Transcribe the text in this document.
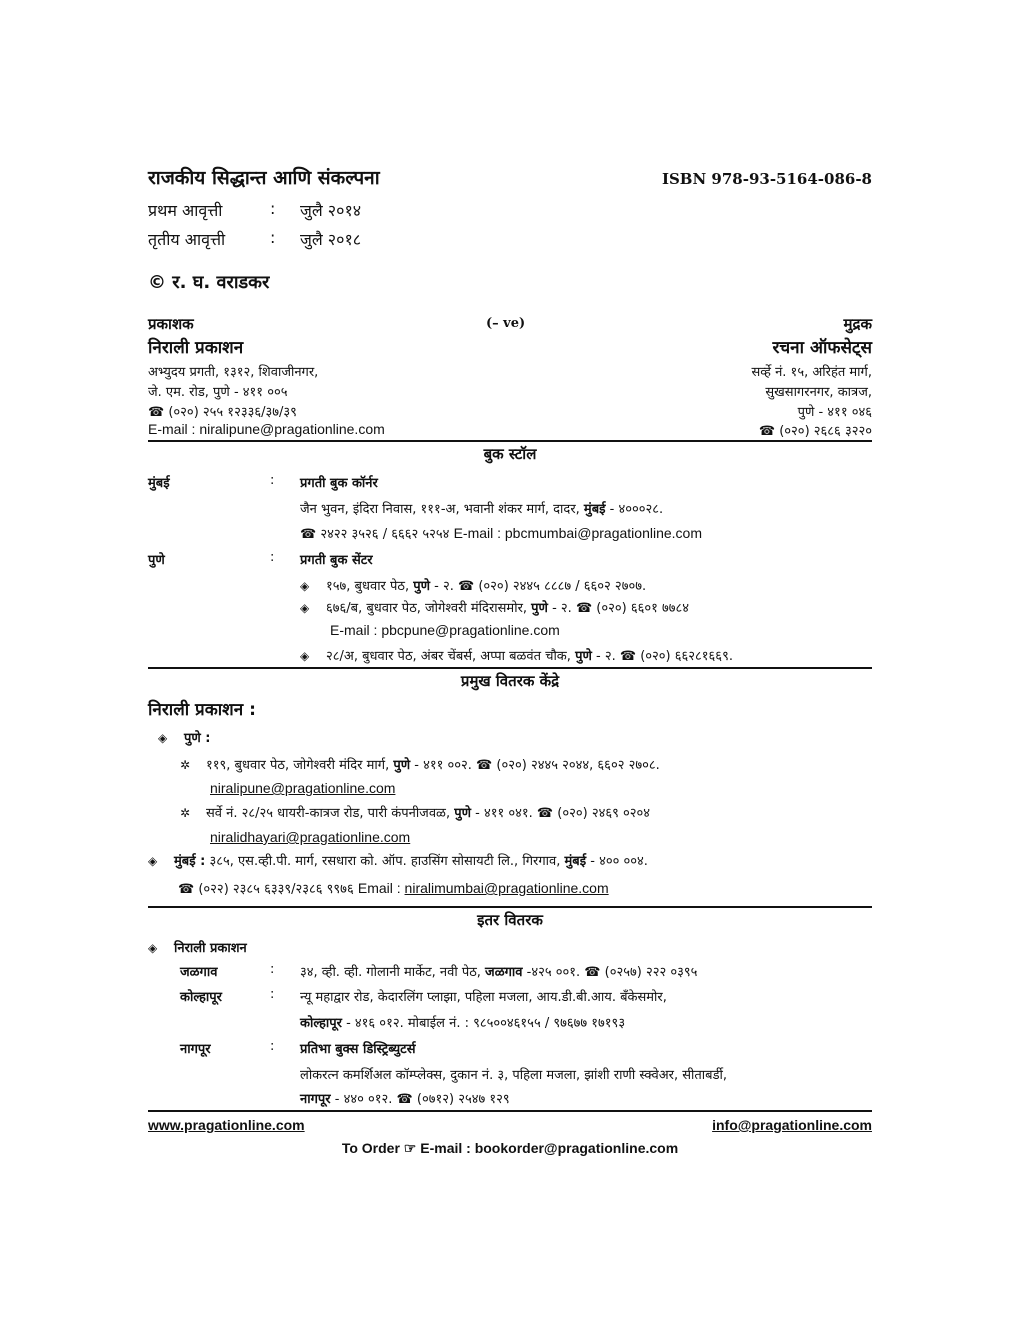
राजकीय सिद्धान्त आणि संकल्पना	ISBN 978-93-5164-086-8
प्रथम आवृत्ती	: जुलै २०१४
तृतीय आवृत्ती	: जुलै २०१८
© र. घ. वराडकर
प्रकाशक
निराली प्रकाशन
अभ्युदय प्रगती, १३१२, शिवाजीनगर,
जे. एम. रोड, पुणे - ४११ ००५
☎ (०२०) २५५ १२३३६/३७/३९
E-mail : niralipune@pragationline.com
(– ve)	मुद्रक
रचना ऑफसेट्स
सर्व्हे नं. १५, अरिहंत मार्ग,
सुखसागरनगर, कात्रज,
पुणे - ४११ ०४६
☎ (०२०) २६८६ ३२२०
बुक स्टॉल
मुंबई	: प्रगती बुक कॉर्नर
जैन भुवन, इंदिरा निवास, १११-अ, भवानी शंकर मार्ग, दादर, मुंबई - ४०००२८.
☎ २४२२ ३५२६ / ६६६२ ५२५४ E-mail : pbcmumbai@pragationline.com
पुणे	: प्रगती बुक सेंटर
◈ १५७, बुधवार पेठ, पुणे - २. ☎ (०२०) २४४५ ८८८७ / ६६०२ २७०७.
◈ ६७६/ब, बुधवार पेठ, जोगेश्वरी मंदिरासमोर, पुणे - २. ☎ (०२०) ६६०१ ७७८४
E-mail : pbcpune@pragationline.com
◈ २८/अ, बुधवार पेठ, अंबर चेंबर्स, अप्पा बळवंत चौक, पुणे - २. ☎ (०२०) ६६२८१६६९.
प्रमुख वितरक केंद्रे
निराली प्रकाशन :
◈ पुणे :
✲ ११९, बुधवार पेठ, जोगेश्वरी मंदिर मार्ग, पुणे - ४११ ००२. ☎ (०२०) २४४५ २०४४, ६६०२ २७०८.
niralipune@pragationline.com
✲ सर्वे नं. २८/२५ धायरी-कात्रज रोड, पारी कंपनीजवळ, पुणे - ४११ ०४१. ☎ (०२०) २४६९ ०२०४
niralidhayari@pragationline.com
◈ मुंबई : ३८५, एस.व्ही.पी. मार्ग, रसधारा को. ऑप. हाउसिंग सोसायटी लि., गिरगाव, मुंबई - ४०० ००४.
☎ (०२२) २३८५ ६३३९/२३८६ ९९७६ Email : niralimumbai@pragationline.com
इतर वितरक
◈ निराली प्रकाशन
जळगाव	: ३४, व्ही. व्ही. गोलानी मार्केट, नवी पेठ, जळगाव -४२५ ००१. ☎ (०२५७) २२२ ०३९५
कोल्हापूर	: न्यू महाद्वार रोड, केदारलिंग प्लाझा, पहिला मजला, आय.डी.बी.आय. बँकेसमोर,
कोल्हापूर - ४१६ ०१२. मोबाईल नं. : ९८५००४६१५५ / ९७६७७ १७१९३
नागपूर	: प्रतिभा बुक्स डिस्ट्रिब्युटर्स
लोकरत्न कमर्शिअल कॉम्प्लेक्स, दुकान नं. ३, पहिला मजला, झांशी राणी स्क्वेअर, सीताबर्डी,
नागपूर - ४४० ०१२. ☎ (०७१२) २५४७ १२९
www.pragationline.com	info@pragationline.com
To Order ☞ E-mail : bookorder@pragationline.com
